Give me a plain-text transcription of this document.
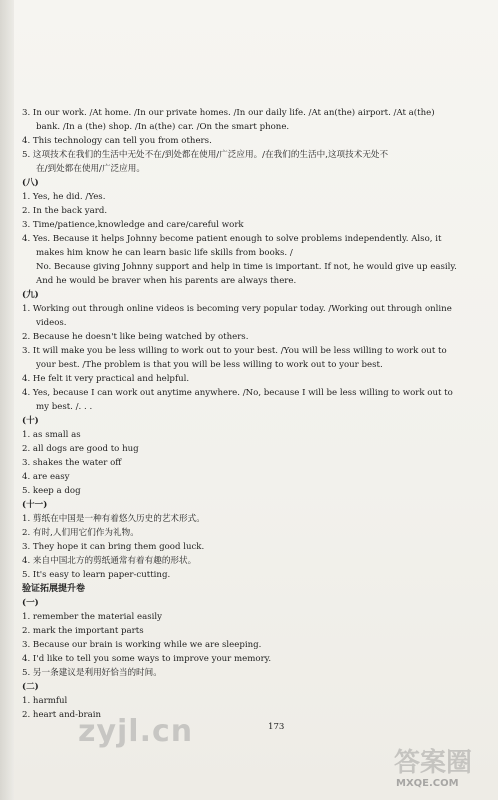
3. In our work. /At home. /In our private homes. /In our daily life. /At an(the) airport. /At a(the)
bank. /In a (the) shop. /In a(the) car. /On the smart phone.
4. This technology can tell you from others.
5. 这项技术在我们的生活中无处不在/到处都在使用/广泛应用。/在我们的生活中,这项技术无处不
在/到处都在使用/广泛应用。
(八)
1. Yes, he did. /Yes.
2. In the back yard.
3. Time/patience,knowledge and care/careful work
4. Yes. Because it helps Johnny become patient enough to solve problems independently. Also, it
makes him know he can learn basic life skills from books. /
No. Because giving Johnny support and help in time is important. If not, he would give up easily.
And he would be braver when his parents are always there.
(九)
1. Working out through online videos is becoming very popular today. /Working out through online
videos.
2. Because he doesn't like being watched by others.
3. It will make you be less willing to work out to your best. /You will be less willing to work out to
your best. /The problem is that you will be less willing to work out to your best.
4. He felt it very practical and helpful.
4. Yes, because I can work out anytime anywhere. /No, because I will be less willing to work out to
my best. /. . .
(十)
1. as small as
2. all dogs are good to hug
3. shakes the water off
4. are easy
5. keep a dog
(十一)
1. 剪纸在中国是一种有着悠久历史的艺术形式。
2. 有时,人们用它们作为礼物。
3. They hope it can bring them good luck.
4. 来自中国北方的剪纸通常有着有趣的形状。
5. It's easy to learn paper-cutting.
验证拓展提升卷
(一)
1. remember the material easily
2. mark the important parts
3. Because our brain is working while we are sleeping.
4. I'd like to tell you some ways to improve your memory.
5. 另一条建议是利用好恰当的时间。
(二)
1. harmful
2. heart and-brain
173
zyjl.cn
答案圈
MXQE.COM
